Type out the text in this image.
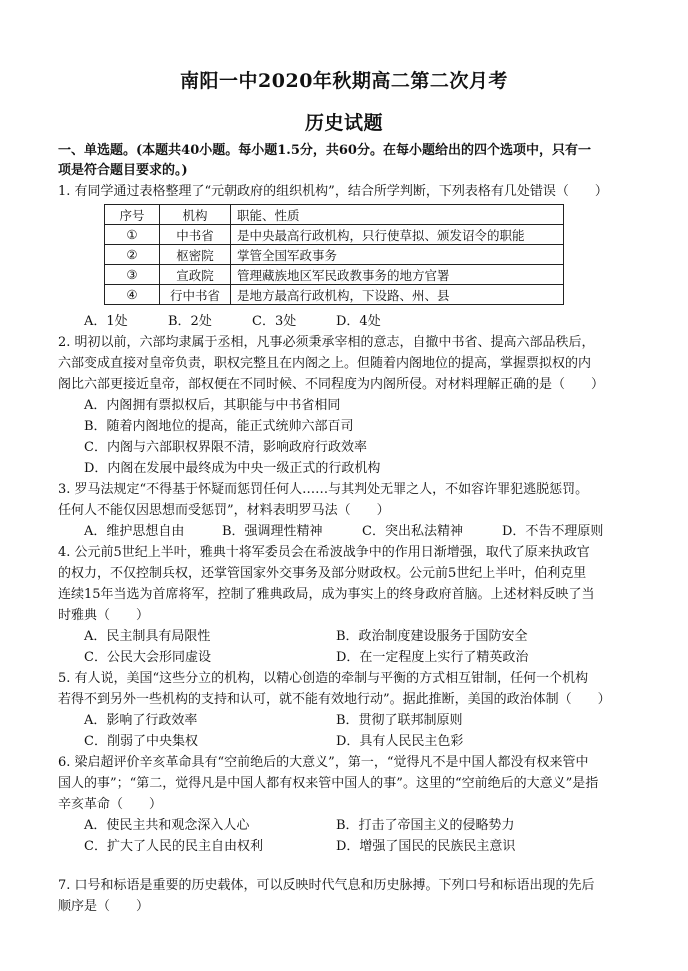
南阳一中2020年秋期高二第二次月考
历史试题
一、单选题。(本题共40小题。每小题1.5分，共60分。在每小题给出的四个选项中，只有一
项是符合题目要求的。)
1. 有同学通过表格整理了“元朝政府的组织机构”，结合所学判断，下列表格有几处错误（　　）
序号	机构	职能、性质
①	中书省	是中央最高行政机构，只行使草拟、颁发诏令的职能
②	枢密院	掌管全国军政事务
③	宣政院	管理藏族地区军民政教事务的地方官署
④	行中书省	是地方最高行政机构，下设路、州、县
A．1处	B．2处	C．3处	D．4处
2. 明初以前，六部均隶属于丞相，凡事必须秉承宰相的意志，自撤中书省、提高六部品秩后，
六部变成直接对皇帝负责，职权完整且在内阁之上。但随着内阁地位的提高，掌握票拟权的内
阁比六部更接近皇帝，部权便在不同时候、不同程度为内阁所侵。对材料理解正确的是（　　）
A．内阁拥有票拟权后，其职能与中书省相同
B．随着内阁地位的提高，能正式统帅六部百司
C．内阁与六部职权界限不清，影响政府行政效率
D．内阁在发展中最终成为中央一级正式的行政机构
3. 罗马法规定“不得基于怀疑而惩罚任何人……与其判处无罪之人，不如容许罪犯逃脱惩罚。
任何人不能仅因思想而受惩罚”，材料表明罗马法（　　）
A．维护思想自由	B．强调理性精神	C．突出私法精神	D．不告不理原则
4. 公元前5世纪上半叶，雅典十将军委员会在希波战争中的作用日渐增强，取代了原来执政官
的权力，不仅控制兵权，还掌管国家外交事务及部分财政权。公元前5世纪上半叶，伯利克里
连续15年当选为首席将军，控制了雅典政局，成为事实上的终身政府首脑。上述材料反映了当
时雅典（　　）
A．民主制具有局限性	B．政治制度建设服务于国防安全
C．公民大会形同虚设	D．在一定程度上实行了精英政治
5. 有人说，美国“这些分立的机构，以精心创造的牵制与平衡的方式相互钳制，任何一个机构
若得不到另外一些机构的支持和认可，就不能有效地行动”。据此推断，美国的政治体制（　　）
A．影响了行政效率	B．贯彻了联邦制原则
C．削弱了中央集权	D．具有人民民主色彩
6. 梁启超评价辛亥革命具有“空前绝后的大意义”，第一，“觉得凡不是中国人都没有权来管中
国人的事”；“第二，觉得凡是中国人都有权来管中国人的事”。这里的“空前绝后的大意义”是指
辛亥革命（　　）
A．使民主共和观念深入人心	B．打击了帝国主义的侵略势力
C．扩大了人民的民主自由权利	D．增强了国民的民族民主意识
7. 口号和标语是重要的历史载体，可以反映时代气息和历史脉搏。下列口号和标语出现的先后
顺序是（　　）
